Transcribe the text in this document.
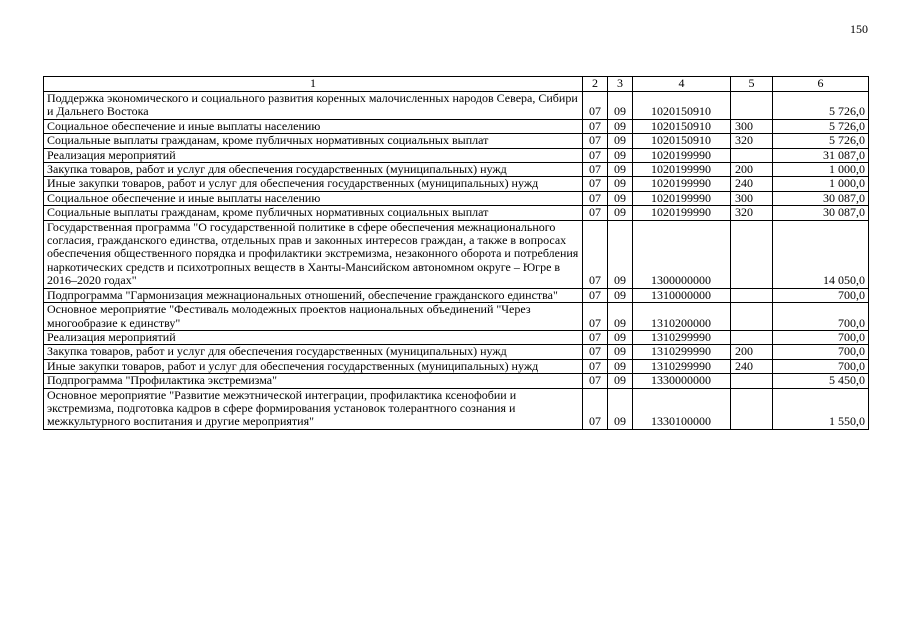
150
1	2	3	4	5	6
Поддержка экономического и социального развития коренных малочисленных народов Севера, Сибири и Дальнего Востока	07	09	1020150910		5 726,0
Социальное обеспечение и иные выплаты населению	07	09	1020150910	300	5 726,0
Социальные выплаты гражданам, кроме публичных нормативных социальных выплат	07	09	1020150910	320	5 726,0
Реализация мероприятий	07	09	1020199990		31 087,0
Закупка товаров, работ и услуг для обеспечения государственных (муниципальных) нужд	07	09	1020199990	200	1 000,0
Иные закупки товаров, работ и услуг для обеспечения государственных (муниципальных) нужд	07	09	1020199990	240	1 000,0
Социальное обеспечение и иные выплаты населению	07	09	1020199990	300	30 087,0
Социальные выплаты гражданам, кроме публичных нормативных социальных выплат	07	09	1020199990	320	30 087,0
Государственная программа "О государственной политике в сфере обеспечения межнационального согласия, гражданского единства, отдельных прав и законных интересов граждан, а также в вопросах обеспечения общественного порядка и профилактики экстремизма, незаконного оборота и потребления наркотических средств и психотропных веществ в Ханты-Мансийском автономном округе – Югре в 2016–2020 годах"	07	09	1300000000		14 050,0
Подпрограмма "Гармонизация межнациональных отношений, обеспечение гражданского единства"	07	09	1310000000		700,0
Основное мероприятие "Фестиваль молодежных проектов национальных объединений "Через многообразие к единству"	07	09	1310200000		700,0
Реализация мероприятий	07	09	1310299990		700,0
Закупка товаров, работ и услуг для обеспечения государственных (муниципальных) нужд	07	09	1310299990	200	700,0
Иные закупки товаров, работ и услуг для обеспечения государственных (муниципальных) нужд	07	09	1310299990	240	700,0
Подпрограмма "Профилактика экстремизма"	07	09	1330000000		5 450,0
Основное мероприятие "Развитие межэтнической интеграции, профилактика ксенофобии и экстремизма, подготовка кадров в сфере формирования установок толерантного сознания и межкультурного воспитания и другие мероприятия"	07	09	1330100000		1 550,0
